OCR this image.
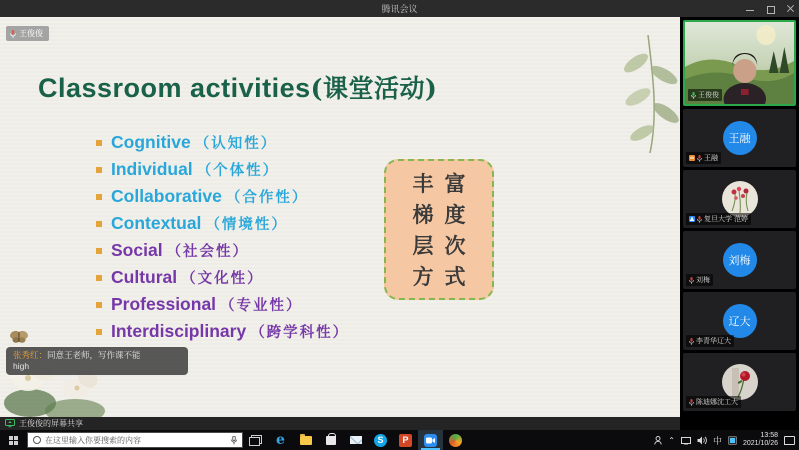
腾讯会议
王俊俊
Classroom activities(课堂活动)
Cognitive （认知性）
Individual （个体性）
Collaborative （合作性）
Contextual （情境性）
Social （社会性）
Cultural （文化性）
Professional （专业性）
Interdisciplinary （跨学科性）
丰富
梯度
层次
方式
张秀红：同意王老师，写作课不能
high
王俊俊的屏幕共享
王俊俊
王融
王融
复旦大学 范婷
刘梅
刘梅
辽大
李青华辽大
陈迪娜沈工大
在这里输入你要搜索的内容
e	S	P	⌃	中	13:58
2021/10/26
